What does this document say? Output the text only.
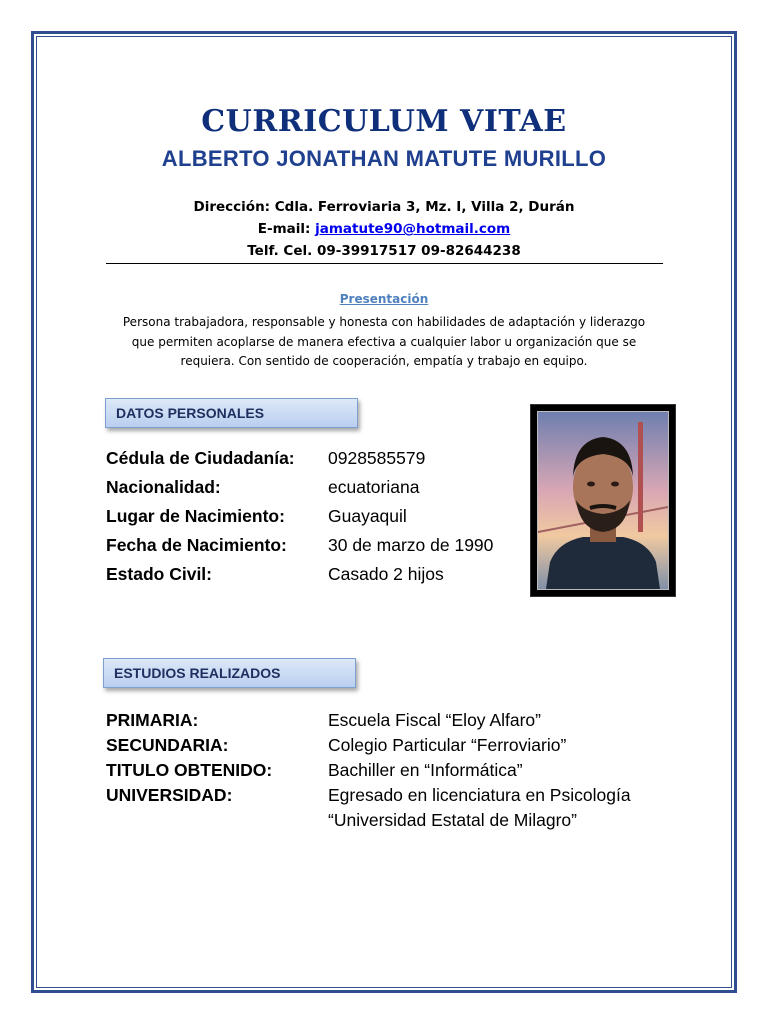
CURRICULUM VITAE
ALBERTO JONATHAN MATUTE MURILLO
Dirección: Cdla. Ferroviaria 3, Mz. I, Villa 2, Durán
E-mail: jamatute90@hotmail.com
Telf. Cel. 09-39917517 09-82644238
Presentación
Persona trabajadora, responsable y honesta con habilidades de adaptación y liderazgo
que permiten acoplarse de manera efectiva a cualquier labor u organización que se
requiera. Con sentido de cooperación, empatía y trabajo en equipo.
DATOS PERSONALES
Cédula de Ciudadanía: 0928585579
Nacionalidad:	ecuatoriana
Lugar de Nacimiento: Guayaquil
Fecha de Nacimiento: 30 de marzo de 1990
Estado Civil:	Casado 2 hijos
ESTUDIOS REALIZADOS
PRIMARIA:	Escuela Fiscal “Eloy Alfaro”
SECUNDARIA:	Colegio Particular “Ferroviario”
TITULO OBTENIDO:	Bachiller en “Informática”
UNIVERSIDAD:	Egresado en licenciatura en Psicología
“Universidad Estatal de Milagro”
